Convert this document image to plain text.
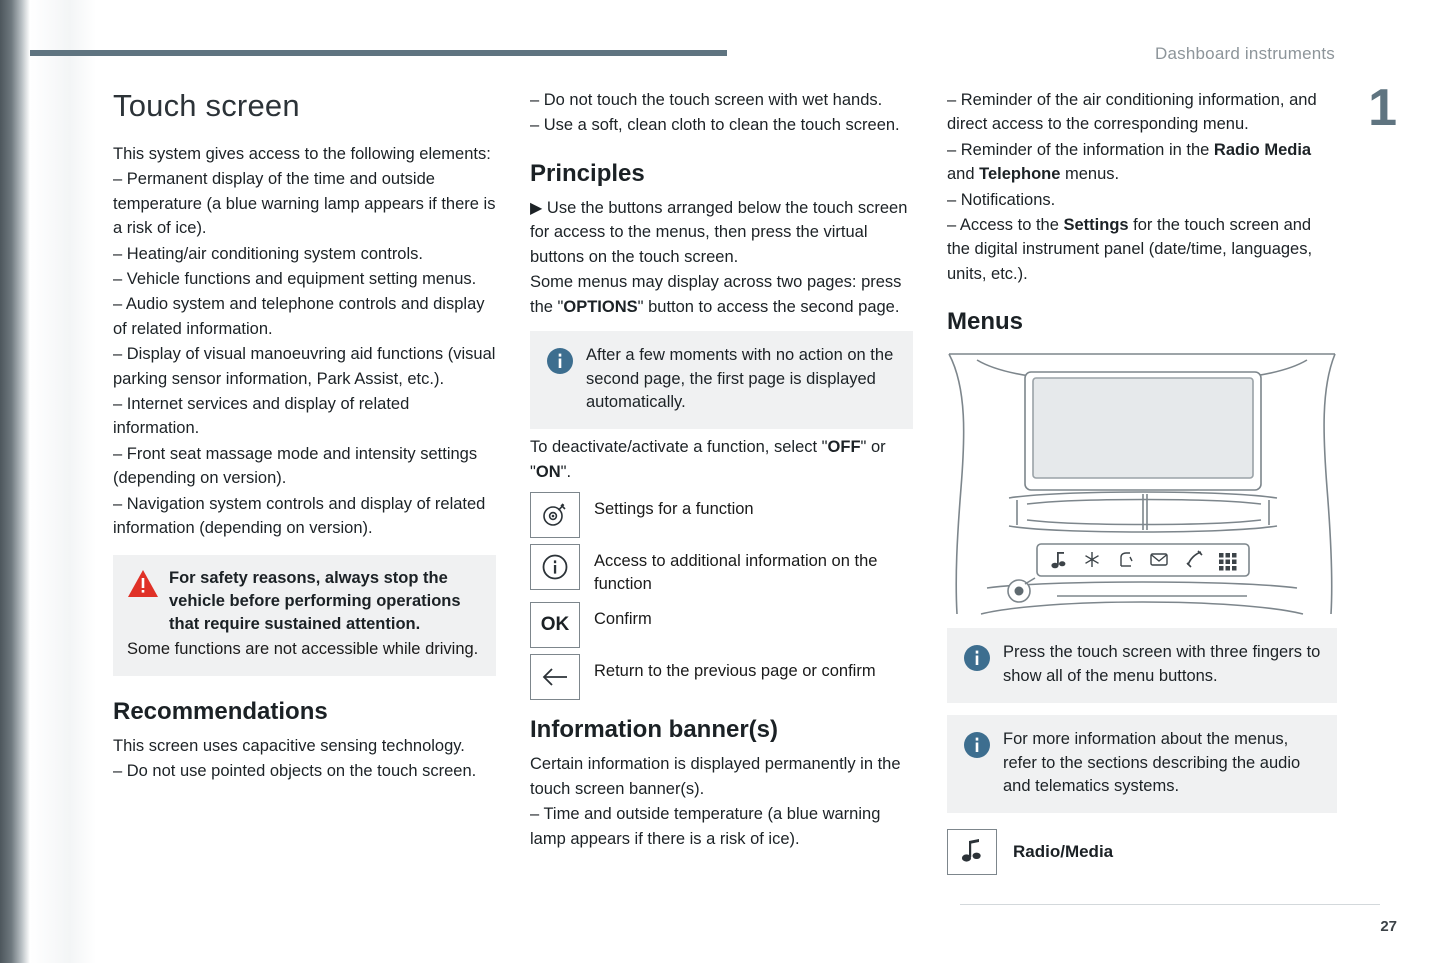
Dashboard instruments
1
27
Touch screen

This system gives access to the following elements:

– Permanent display of the time and outside temperature (a blue warning lamp appears if there is a risk of ice).

– Heating/air conditioning system controls.

– Vehicle functions and equipment setting menus.

– Audio system and telephone controls and display of related information.

– Display of visual manoeuvring aid functions (visual parking sensor information, Park Assist, etc.).

– Internet services and display of related information.

– Front seat massage mode and intensity settings (depending on version).

– Navigation system controls and display of related information (depending on version).

For safety reasons, always stop the vehicle before performing operations that require sustained attention.
Some functions are not accessible while driving.
Recommendations

This screen uses capacitive sensing technology.

– Do not use pointed objects on the touch screen.

– Do not touch the touch screen with wet hands.

– Use a soft, clean cloth to clean the touch screen.

Principles

▶ Use the buttons arranged below the touch screen for access to the menus, then press the virtual buttons on the touch screen.

Some menus may display across two pages: press the "OPTIONS" button to access the second page.

After a few moments with no action on the second page, the first page is displayed automatically.

To deactivate/activate a function, select "OFF" or "ON".

Settings for a function
Access to additional information on the function
OK Confirm
Return to the previous page or confirm
Information banner(s)

Certain information is displayed permanently in the touch screen banner(s).

– Time and outside temperature (a blue warning lamp appears if there is a risk of ice).

– Reminder of the air conditioning information, and direct access to the corresponding menu.

– Reminder of the information in the Radio Media and Telephone menus.

– Notifications.

– Access to the Settings for the touch screen and the digital instrument panel (date/time, languages, units, etc.).

Menus

Press the touch screen with three fingers to show all of the menu buttons.

For more information about the menus, refer to the sections describing the audio and telematics systems.

Radio/Media
